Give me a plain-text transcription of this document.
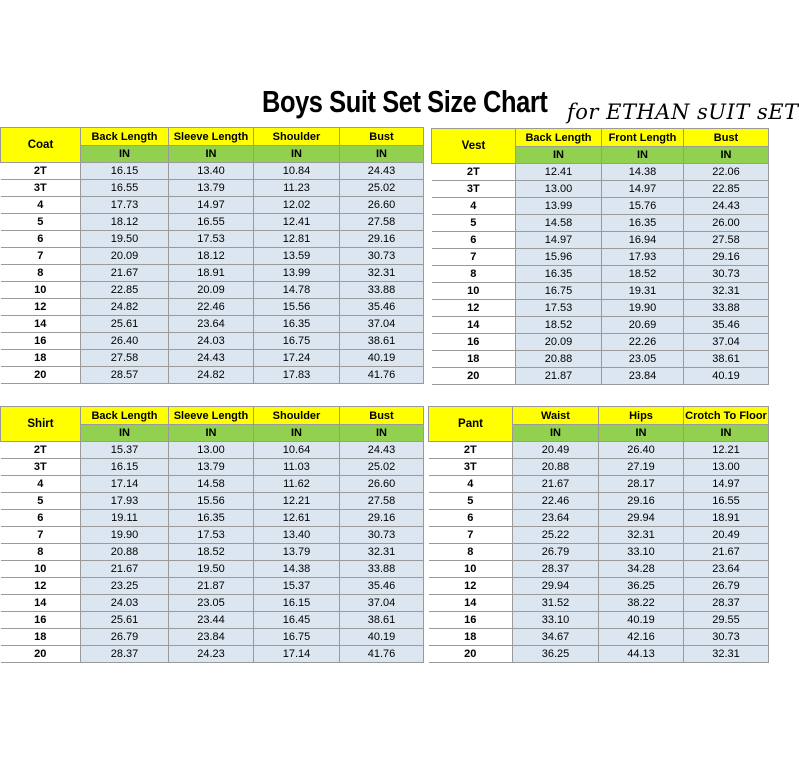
Boys Suit Set Size Chart for ETHAN sUIT sET
Coat	Back Length	Sleeve Length	Shoulder	Bust
	IN	IN	IN	IN
2T	16.15	13.40	10.84	24.43
3T	16.55	13.79	11.23	25.02
4	17.73	14.97	12.02	26.60
5	18.12	16.55	12.41	27.58
6	19.50	17.53	12.81	29.16
7	20.09	18.12	13.59	30.73
8	21.67	18.91	13.99	32.31
10	22.85	20.09	14.78	33.88
12	24.82	22.46	15.56	35.46
14	25.61	23.64	16.35	37.04
16	26.40	24.03	16.75	38.61
18	27.58	24.43	17.24	40.19
20	28.57	24.82	17.83	41.76
Vest	Back Length	Front Length	Bust
	IN	IN	IN
2T	12.41	14.38	22.06
3T	13.00	14.97	22.85
4	13.99	15.76	24.43
5	14.58	16.35	26.00
6	14.97	16.94	27.58
7	15.96	17.93	29.16
8	16.35	18.52	30.73
10	16.75	19.31	32.31
12	17.53	19.90	33.88
14	18.52	20.69	35.46
16	20.09	22.26	37.04
18	20.88	23.05	38.61
20	21.87	23.84	40.19
Shirt	Back Length	Sleeve Length	Shoulder	Bust
	IN	IN	IN	IN
2T	15.37	13.00	10.64	24.43
3T	16.15	13.79	11.03	25.02
4	17.14	14.58	11.62	26.60
5	17.93	15.56	12.21	27.58
6	19.11	16.35	12.61	29.16
7	19.90	17.53	13.40	30.73
8	20.88	18.52	13.79	32.31
10	21.67	19.50	14.38	33.88
12	23.25	21.87	15.37	35.46
14	24.03	23.05	16.15	37.04
16	25.61	23.44	16.45	38.61
18	26.79	23.84	16.75	40.19
20	28.37	24.23	17.14	41.76
Pant	Waist	Hips	Crotch To Floor
	IN	IN	IN
2T	20.49	26.40	12.21
3T	20.88	27.19	13.00
4	21.67	28.17	14.97
5	22.46	29.16	16.55
6	23.64	29.94	18.91
7	25.22	32.31	20.49
8	26.79	33.10	21.67
10	28.37	34.28	23.64
12	29.94	36.25	26.79
14	31.52	38.22	28.37
16	33.10	40.19	29.55
18	34.67	42.16	30.73
20	36.25	44.13	32.31
